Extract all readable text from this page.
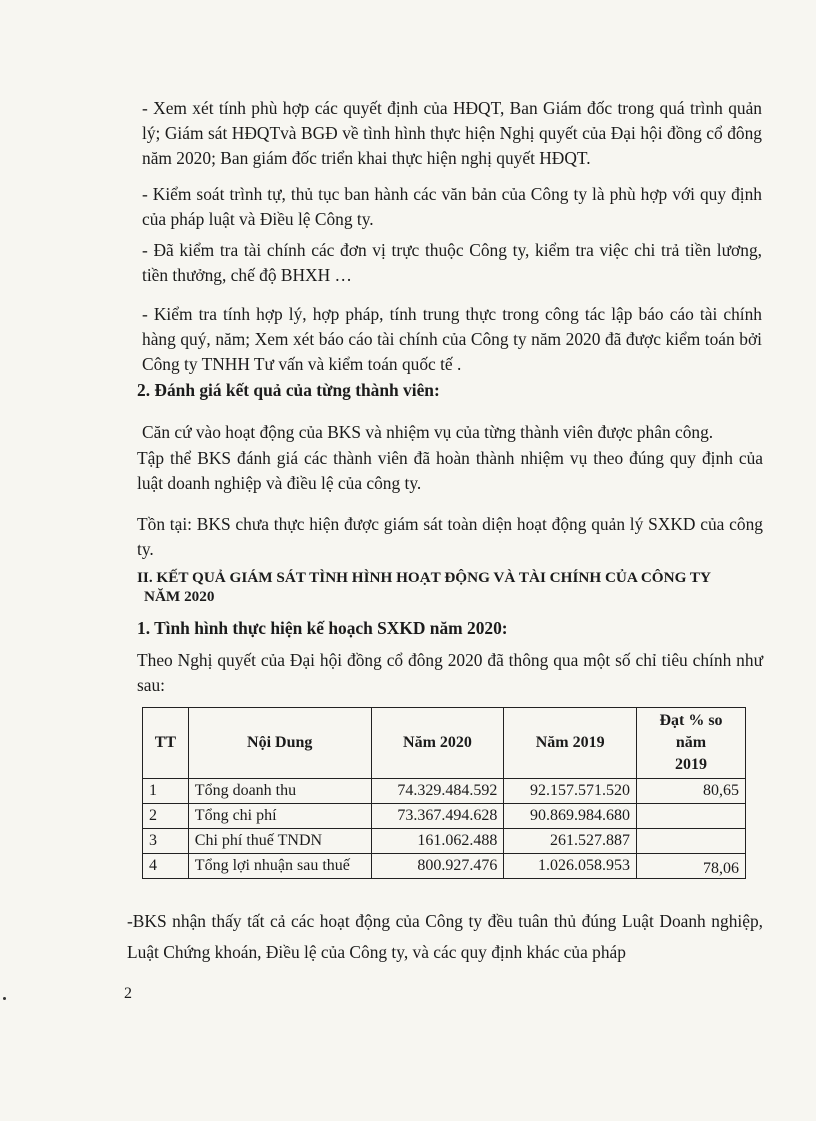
- Xem xét tính phù hợp các quyết định của HĐQT, Ban Giám đốc trong quá trình quản lý; Giám sát HĐQTvà BGĐ về tình hình thực hiện Nghị quyết của Đại hội đồng cổ đông năm 2020; Ban giám đốc triển khai thực hiện nghị quyết HĐQT.

- Kiểm soát trình tự, thủ tục ban hành các văn bản của Công ty là phù hợp với quy định của pháp luật và Điều lệ Công ty.

- Đã kiểm tra tài chính các đơn vị trực thuộc Công ty, kiểm tra việc chi trả tiền lương, tiền thưởng, chế độ BHXH …

- Kiểm tra tính hợp lý, hợp pháp, tính trung thực trong công tác lập báo cáo tài chính hàng quý, năm; Xem xét báo cáo tài chính của Công ty năm 2020 đã được kiểm toán bởi Công ty TNHH Tư vấn và kiểm toán quốc tế .

2. Đánh giá kết quả của từng thành viên:

Căn cứ vào hoạt động của BKS và nhiệm vụ của từng thành viên được phân công.

Tập thể BKS đánh giá các thành viên đã hoàn thành nhiệm vụ theo đúng quy định của luật doanh nghiệp và điều lệ của công ty.

Tồn tại: BKS chưa thực hiện được giám sát toàn diện hoạt động quản lý SXKD của công ty.

II. KẾT QUẢ GIÁM SÁT TÌNH HÌNH HOẠT ĐỘNG VÀ TÀI CHÍNH CỦA CÔNG TY

NĂM 2020

1. Tình hình thực hiện kế hoạch SXKD năm 2020:

Theo Nghị quyết của Đại hội đồng cổ đông 2020 đã thông qua một số chỉ tiêu chính như sau:

TT	Nội Dung	Năm 2020	Năm 2019	Đạt % so năm
2019

1	Tổng doanh thu	74.329.484.592	92.157.571.520	80,65
2	Tổng chi phí	73.367.494.628	90.869.984.680	
3	Chi phí thuế TNDN	161.062.488	261.527.887	
4	Tổng lợi nhuận sau thuế	800.927.476	1.026.058.953	78,06

-BKS nhận thấy tất cả các hoạt động của Công ty đều tuân thủ đúng Luật Doanh nghiệp, Luật Chứng khoán, Điều lệ của Công ty, và các quy định khác của pháp

2
